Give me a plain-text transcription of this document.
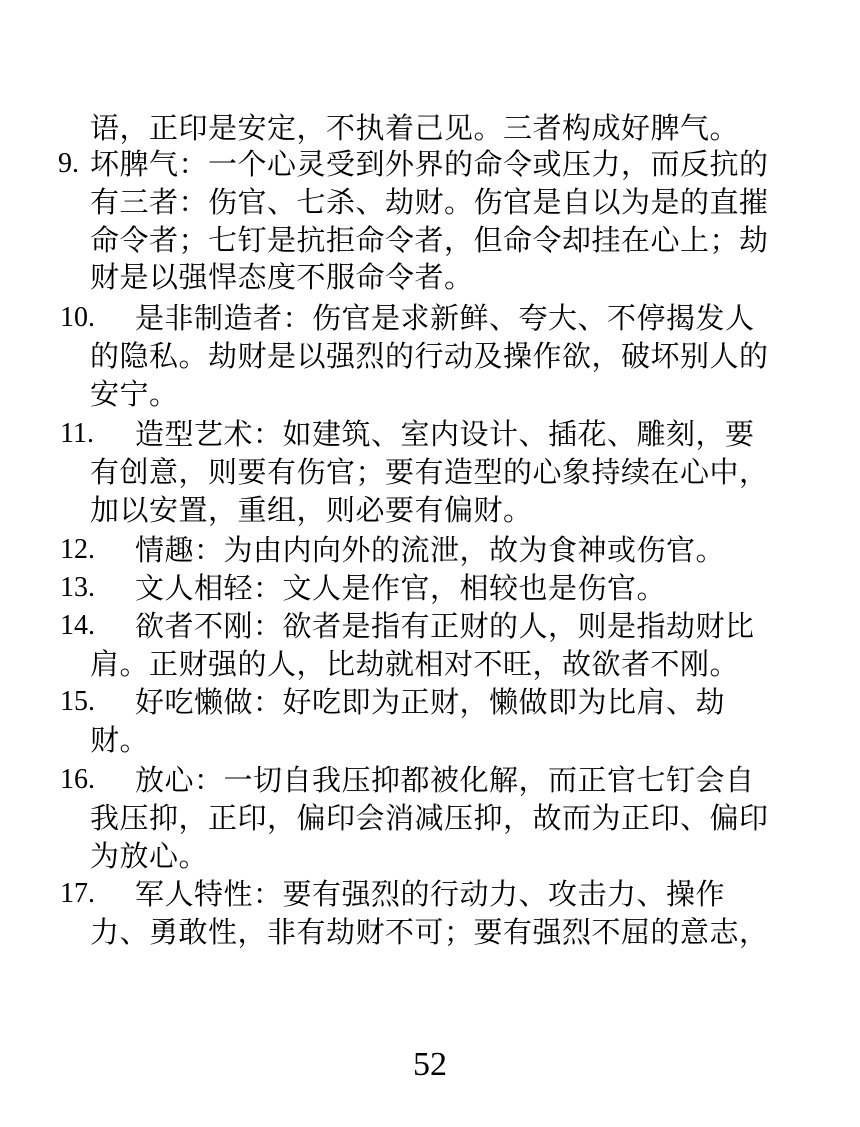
语，正印是安定，不执着己见。三者构成好脾气。
9. 坏脾气：一个心灵受到外界的命令或压力，而反抗的
有三者：伤官、七杀、劫财。伤官是自以为是的直摧
命令者；七钉是抗拒命令者，但命令却挂在心上；劫
财是以强悍态度不服命令者。
10. 是非制造者：伤官是求新鲜、夸大、不停揭发人
的隐私。劫财是以强烈的行动及操作欲，破坏别人的
安宁。
11. 造型艺术：如建筑、室内设计、插花、雕刻，要
有创意，则要有伤官；要有造型的心象持续在心中，
加以安置，重组，则必要有偏财。
12. 情趣：为由内向外的流泄，故为食神或伤官。
13. 文人相轻：文人是作官，相较也是伤官。
14. 欲者不刚：欲者是指有正财的人，则是指劫财比
肩。正财强的人，比劫就相对不旺，故欲者不刚。
15. 好吃懒做：好吃即为正财，懒做即为比肩、劫
财。
16. 放心：一切自我压抑都被化解，而正官七钉会自
我压抑，正印，偏印会消减压抑，故而为正印、偏印
为放心。
17. 军人特性：要有强烈的行动力、攻击力、操作
力、勇敢性，非有劫财不可；要有强烈不屈的意志，
52
